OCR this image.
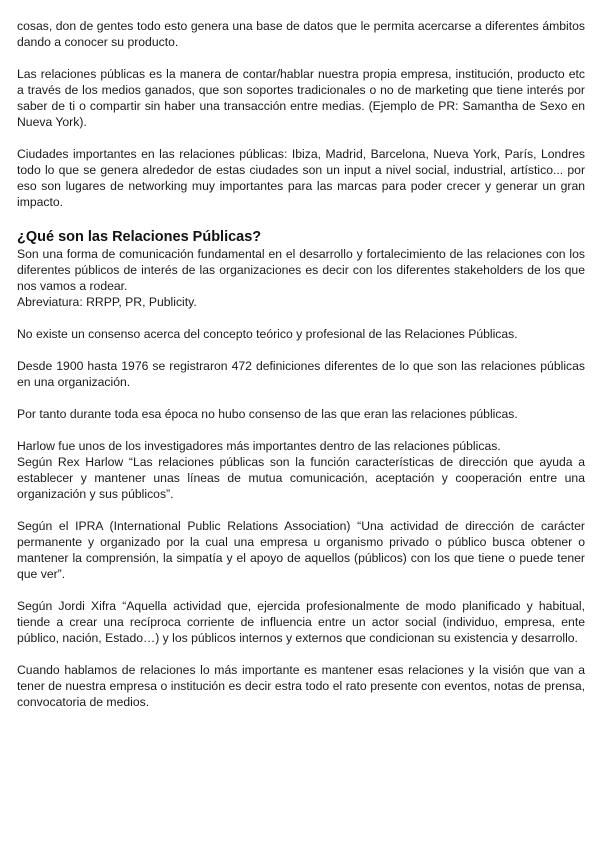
cosas, don de gentes todo esto genera una base de datos que le permita acercarse a diferentes ámbitos dando a conocer su producto.

Las relaciones públicas es la manera de contar/hablar nuestra propia empresa, institución, producto etc a través de los medios ganados, que son soportes tradicionales o no de marketing que tiene interés por saber de ti o compartir sin haber una transacción entre medias. (Ejemplo de PR: Samantha de Sexo en Nueva York).

Ciudades importantes en las relaciones públicas: Ibiza, Madrid, Barcelona, Nueva York, París, Londres todo lo que se genera alrededor de estas ciudades son un input a nivel social, industrial, artístico... por eso son lugares de networking muy importantes para las marcas para poder crecer y generar un gran impacto.

¿Qué son las Relaciones Públicas?

Son una forma de comunicación fundamental en el desarrollo y fortalecimiento de las relaciones con los diferentes públicos de interés de las organizaciones es decir con los diferentes stakeholders de los que nos vamos a rodear.

Abreviatura: RRPP, PR, Publicity.

No existe un consenso acerca del concepto teórico y profesional de las Relaciones Públicas.

Desde 1900 hasta 1976 se registraron 472 definiciones diferentes de lo que son las relaciones públicas en una organización.

Por tanto durante toda esa época no hubo consenso de las que eran las relaciones públicas.

Harlow fue unos de los investigadores más importantes dentro de las relaciones públicas.

Según Rex Harlow “Las relaciones públicas son la función características de dirección que ayuda a establecer y mantener unas líneas de mutua comunicación, aceptación y cooperación entre una organización y sus públicos”.

Según el IPRA (International Public Relations Association) “Una actividad de dirección de carácter permanente y organizado por la cual una empresa u organismo privado o público busca obtener o mantener la comprensión, la simpatía y el apoyo de aquellos (públicos) con los que tiene o puede tener que ver”.

Según Jordi Xifra “Aquella actividad que, ejercida profesionalmente de modo planificado y habitual, tiende a crear una recíproca corriente de influencia entre un actor social (individuo, empresa, ente público, nación, Estado…) y los públicos internos y externos que condicionan su existencia y desarrollo.

Cuando hablamos de relaciones lo más importante es mantener esas relaciones y la visión que van a tener de nuestra empresa o institución es decir estra todo el rato presente con eventos, notas de prensa, convocatoria de medios.
